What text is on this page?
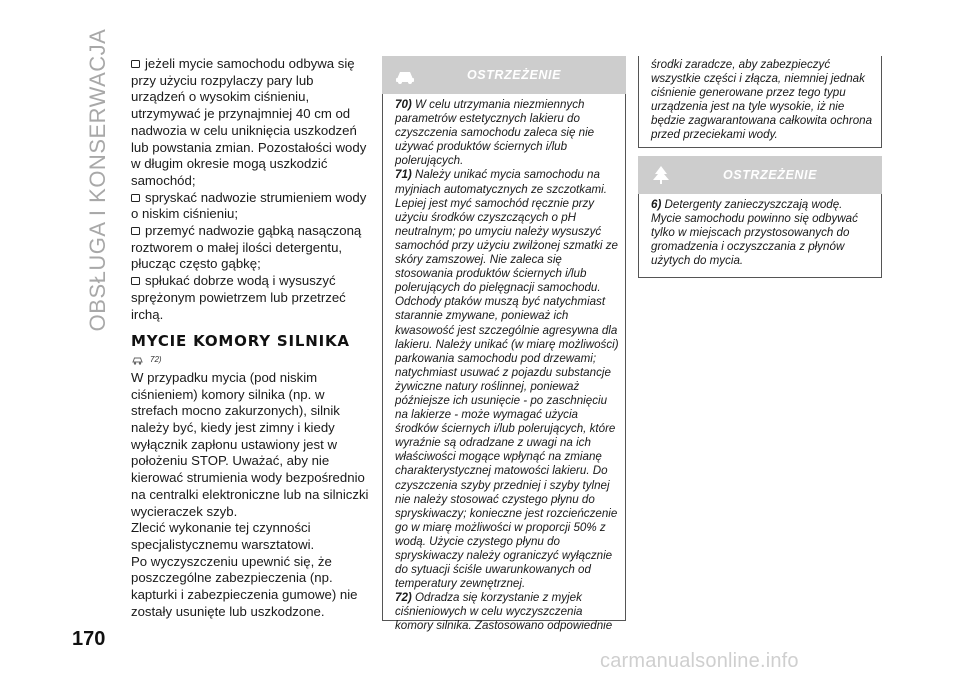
OBSŁUGA I KONSERWACJA
170

jeżeli mycie samochodu odbywa się przy użyciu rozpylaczy pary lub urządzeń o wysokim ciśnieniu, utrzymywać je przynajmniej 40 cm od nadwozia w celu uniknięcia uszkodzeń lub powstania zmian. Pozostałości wody w długim okresie mogą uszkodzić samochód;

spryskać nadwozie strumieniem wody o niskim ciśnieniu;

przemyć nadwozie gąbką nasączoną roztworem o małej ilości detergentu, płucząc często gąbkę;

spłukać dobrze wodą i wysuszyć sprężonym powietrzem lub przetrzeć irchą.

MYCIE KOMORY SILNIKA
72)

W przypadku mycia (pod niskim ciśnieniem) komory silnika (np. w strefach mocno zakurzonych), silnik należy być, kiedy jest zimny i kiedy wyłącznik zapłonu ustawiony jest w położeniu STOP. Uważać, aby nie kierować strumienia wody bezpośrednio na centralki elektroniczne lub na silniczki wycieraczek szyb.

Zlecić wykonanie tej czynności specjalistycznemu warsztatowi.

Po wyczyszczeniu upewnić się, że poszczególne zabezpieczenia (np. kapturki i zabezpieczenia gumowe) nie zostały usunięte lub uszkodzone.

OSTRZEŻENIE

70) W celu utrzymania niezmiennych parametrów estetycznych lakieru do czyszczenia samochodu zaleca się nie używać produktów ściernych i/lub polerujących.

71) Należy unikać mycia samochodu na myjniach automatycznych ze szczotkami. Lepiej jest myć samochód ręcznie przy użyciu środków czyszczących o pH neutralnym; po umyciu należy wysuszyć samochód przy użyciu zwilżonej szmatki ze skóry zamszowej. Nie zaleca się stosowania produktów ściernych i/lub polerujących do pielęgnacji samochodu. Odchody ptaków muszą być natychmiast starannie zmywane, ponieważ ich kwasowość jest szczególnie agresywna dla lakieru. Należy unikać (w miarę możliwości) parkowania samochodu pod drzewami; natychmiast usuwać z pojazdu substancje żywiczne natury roślinnej, ponieważ późniejsze ich usunięcie - po zaschnięciu na lakierze - może wymagać użycia środków ściernych i/lub polerujących, które wyraźnie są odradzane z uwagi na ich właściwości mogące wpłynąć na zmianę charakterystycznej matowości lakieru. Do czyszczenia szyby przedniej i szyby tylnej nie należy stosować czystego płynu do spryskiwaczy; konieczne jest rozcieńczenie go w miarę możliwości w proporcji 50% z wodą. Użycie czystego płynu do spryskiwaczy należy ograniczyć wyłącznie do sytuacji ściśle uwarunkowanych od temperatury zewnętrznej.

72) Odradza się korzystanie z myjek ciśnieniowych w celu wyczyszczenia komory silnika. Zastosowano odpowiednie

środki zaradcze, aby zabezpieczyć wszystkie części i złącza, niemniej jednak ciśnienie generowane przez tego typu urządzenia jest na tyle wysokie, iż nie będzie zagwarantowana całkowita ochrona przed przeciekami wody.
OSTRZEŻENIE

6) Detergenty zanieczyszczają wodę. Mycie samochodu powinno się odbywać tylko w miejscach przystosowanych do gromadzenia i oczyszczania z płynów użytych do mycia.

carmanualsonline.info
